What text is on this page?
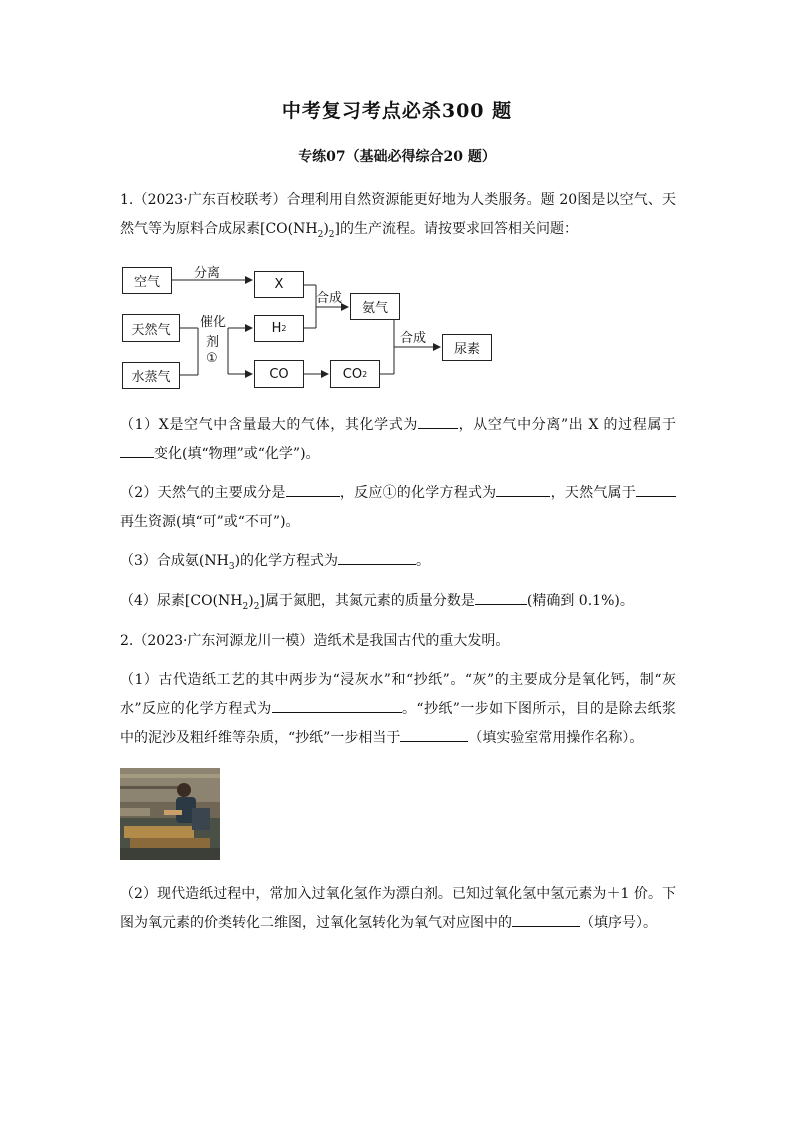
中考复习考点必杀300 题
专练07（基础必得综合20 题）
1.（2023·广东百校联考）合理利用自然资源能更好地为人类服务。题 20图是以空气、天然气等为原料合成尿素$[CO(NH_2)_2]$的生产流程。请按要求回答相关问题：
空气
天然气
水蒸气
分离
催化
剂
①
X
H 2
CO	CO 2
合成
氨气
合成
尿素
（1）X是空气中含量最大的气体，其化学式为	，从空气中分离”出 X 的过程属于变化(填“物理”或“化学”)。
（2）天然气的主要成分是	，反应①的化学方程式为	，天然气属于再生资源(填“可”或“不可”)。
（3）合成氨$(NH_3)$的化学方程式为	。
（4）尿素$[CO(NH_2)_2]$属于氮肥，其氮元素的质量分数是	(精确到 0.1%)。
2.（2023·广东河源龙川一模）造纸术是我国古代的重大发明。
（1）古代造纸工艺的其中两步为“浸灰水”和“抄纸”。“灰”的主要成分是氧化钙，制“灰水”反应的化学方程式为	。“抄纸”一步如下图所示，目的是除去纸浆中的泥沙及粗纤维等杂质，“抄纸”一步相当于	（填实验室常用操作名称）。
（2）现代造纸过程中，常加入过氧化氢作为漂白剂。已知过氧化氢中氢元素为＋1 价。下图为氧元素的价类转化二维图，过氧化氢转化为氧气对应图中的	（填序号）。
